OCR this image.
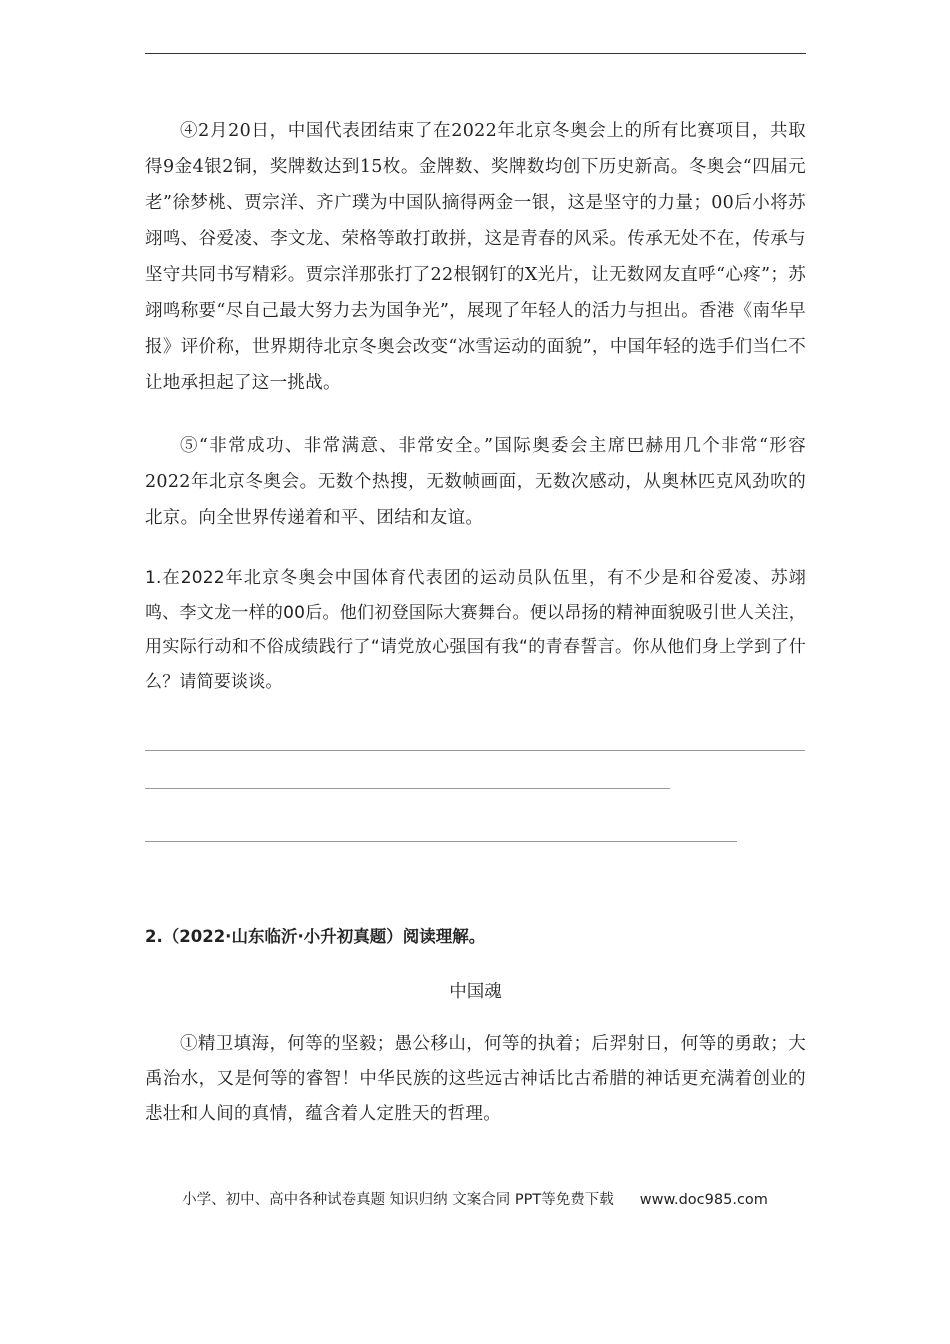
④2月20日，中国代表团结束了在2022年北京冬奥会上的所有比赛项目，共取得9金4银2铜，奖牌数达到15枚。金牌数、奖牌数均创下历史新高。冬奥会“四届元老”徐梦桃、贾宗洋、齐广璞为中国队摘得两金一银，这是坚守的力量；00后小将苏翊鸣、谷爱凌、李文龙、荣格等敢打敢拼，这是青春的风采。传承无处不在，传承与坚守共同书写精彩。贾宗洋那张打了22根钢钉的X光片，让无数网友直呼“心疼”；苏翊鸣称要“尽自己最大努力去为国争光”，展现了年轻人的活力与担出。香港《南华早报》评价称，世界期待北京冬奥会改变“冰雪运动的面貌”，中国年轻的选手们当仁不让地承担起了这一挑战。

⑤“非常成功、非常满意、非常安全。”国际奥委会主席巴赫用几个非常“形容2022年北京冬奥会。无数个热搜，无数帧画面，无数次感动，从奥林匹克风劲吹的北京。向全世界传递着和平、团结和友谊。

1.在2022年北京冬奥会中国体育代表团的运动员队伍里，有不少是和谷爱凌、苏翊鸣、李文龙一样的00后。他们初登国际大赛舞台。便以昂扬的精神面貌吸引世人关注，用实际行动和不俗成绩践行了“请党放心强国有我“的青春誓言。你从他们身上学到了什么？请简要谈谈。

2.（2022·山东临沂·小升初真题）阅读理解。

中国魂

①精卫填海，何等的坚毅；愚公移山，何等的执着；后羿射日，何等的勇敢；大禹治水，又是何等的睿智！中华民族的这些远古神话比古希腊的神话更充满着创业的悲壮和人间的真情，蕴含着人定胜天的哲理。

小学、初中、高中各种试卷真题 知识归纳 文案合同 PPT等免费下载 www.doc985.com
